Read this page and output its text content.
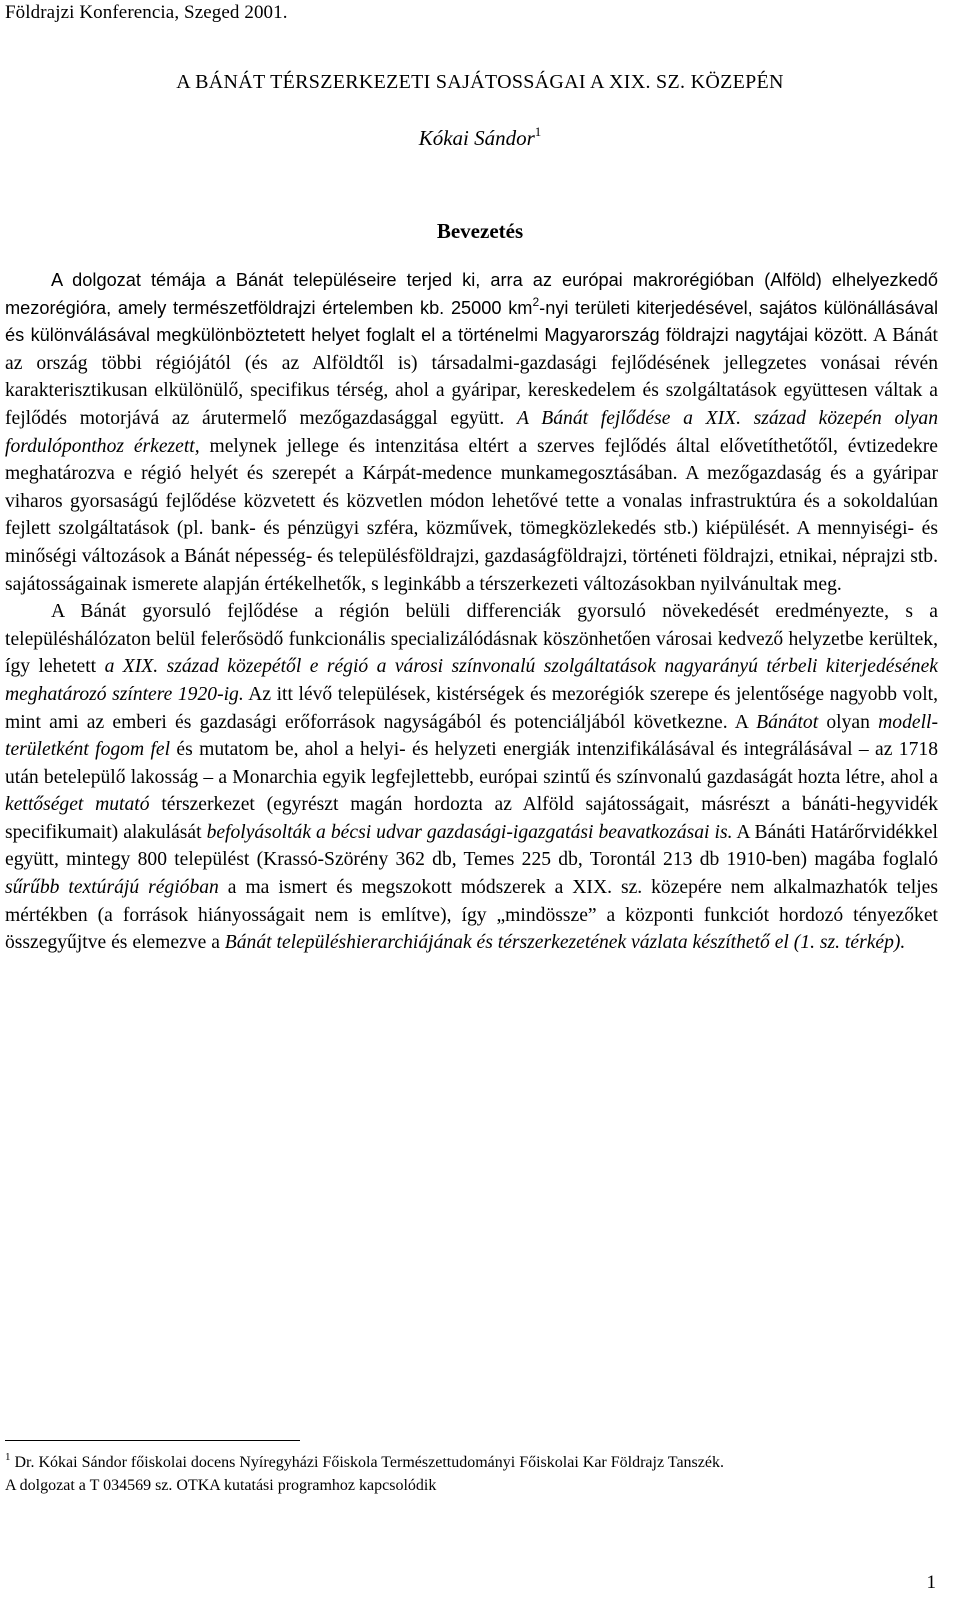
Földrajzi Konferencia, Szeged 2001.
A BÁNÁT TÉRSZERKEZETI SAJÁTOSSÁGAI A XIX. SZ. KÖZEPÉN
Kókai Sándor$^1$
Bevezetés

A dolgozat témája a Bánát településeire terjed ki, arra az európai makrorégióban (Alföld) elhelyezkedő mezorégióra, amely természetföldrajzi értelemben kb. 25000 $km^2$-nyi területi kiterjedésével, sajátos különállásával és különválásával megkülönböztetett helyet foglalt el a történelmi Magyarország földrajzi nagytájai között. A Bánát az ország többi régiójától (és az Alföldtől is) társadalmi-gazdasági fejlődésének jellegzetes vonásai révén karakterisztikusan elkülönülő, specifikus térség, ahol a gyáripar, kereskedelem és szolgáltatások együttesen váltak a fejlődés motorjává az árutermelő mezőgazdasággal együtt. A Bánát fejlődése a XIX. század közepén olyan fordulóponthoz érkezett, melynek jellege és intenzitása eltért a szerves fejlődés által elővetíthetőtől, évtizedekre meghatározva e régió helyét és szerepét a Kárpát-medence munkamegosztásában. A mezőgazdaság és a gyáripar viharos gyorsaságú fejlődése közvetett és közvetlen módon lehetővé tette a vonalas infrastruktúra és a sokoldalúan fejlett szolgáltatások (pl. bank- és pénzügyi szféra, közművek, tömegközlekedés stb.) kiépülését. A mennyiségi- és minőségi változások a Bánát népesség- és településföldrajzi, gazdaságföldrajzi, történeti földrajzi, etnikai, néprajzi stb. sajátosságainak ismerete alapján értékelhetők, s leginkább a térszerkezeti változásokban nyilvánultak meg.

A Bánát gyorsuló fejlődése a régión belüli differenciák gyorsuló növekedését eredményezte, s a településhálózaton belül felerősödő funkcionális specializálódásnak köszönhetően városai kedvező helyzetbe kerültek, így lehetett a XIX. század közepétől e régió a városi színvonalú szolgáltatások nagyarányú térbeli kiterjedésének meghatározó színtere 1920-ig. Az itt lévő települések, kistérségek és mezorégiók szerepe és jelentősége nagyobb volt, mint ami az emberi és gazdasági erőforrások nagyságából és potenciáljából következne. A Bánátot olyan modell-területként fogom fel és mutatom be, ahol a helyi- és helyzeti energiák intenzifikálásával és integrálásával – az 1718 után betelepülő lakosság – a Monarchia egyik legfejlettebb, európai szintű és színvonalú gazdaságát hozta létre, ahol a kettőséget mutató térszerkezet (egyrészt magán hordozta az Alföld sajátosságait, másrészt a bánáti-hegyvidék specifikumait) alakulását befolyásolták a bécsi udvar gazdasági-igazgatási beavatkozásai is. A Bánáti Határőrvidékkel együtt, mintegy 800 települést (Krassó-Szörény 362 db, Temes 225 db, Torontál 213 db 1910-ben) magába foglaló sűrűbb textúrájú régióban a ma ismert és megszokott módszerek a XIX. sz. közepére nem alkalmazhatók teljes mértékben (a források hiányosságait nem is említve), így „mindössze” a központi funkciót hordozó tényezőket összegyűjtve és elemezve a Bánát településhierarchiájának és térszerkezetének vázlata készíthető el (1. sz. térkép).

$^1$ Dr. Kókai Sándor főiskolai docens Nyíregyházi Főiskola Természettudományi Főiskolai Kar Földrajz Tanszék.
A dolgozat a T 034569 sz. OTKA kutatási programhoz kapcsolódik
1
